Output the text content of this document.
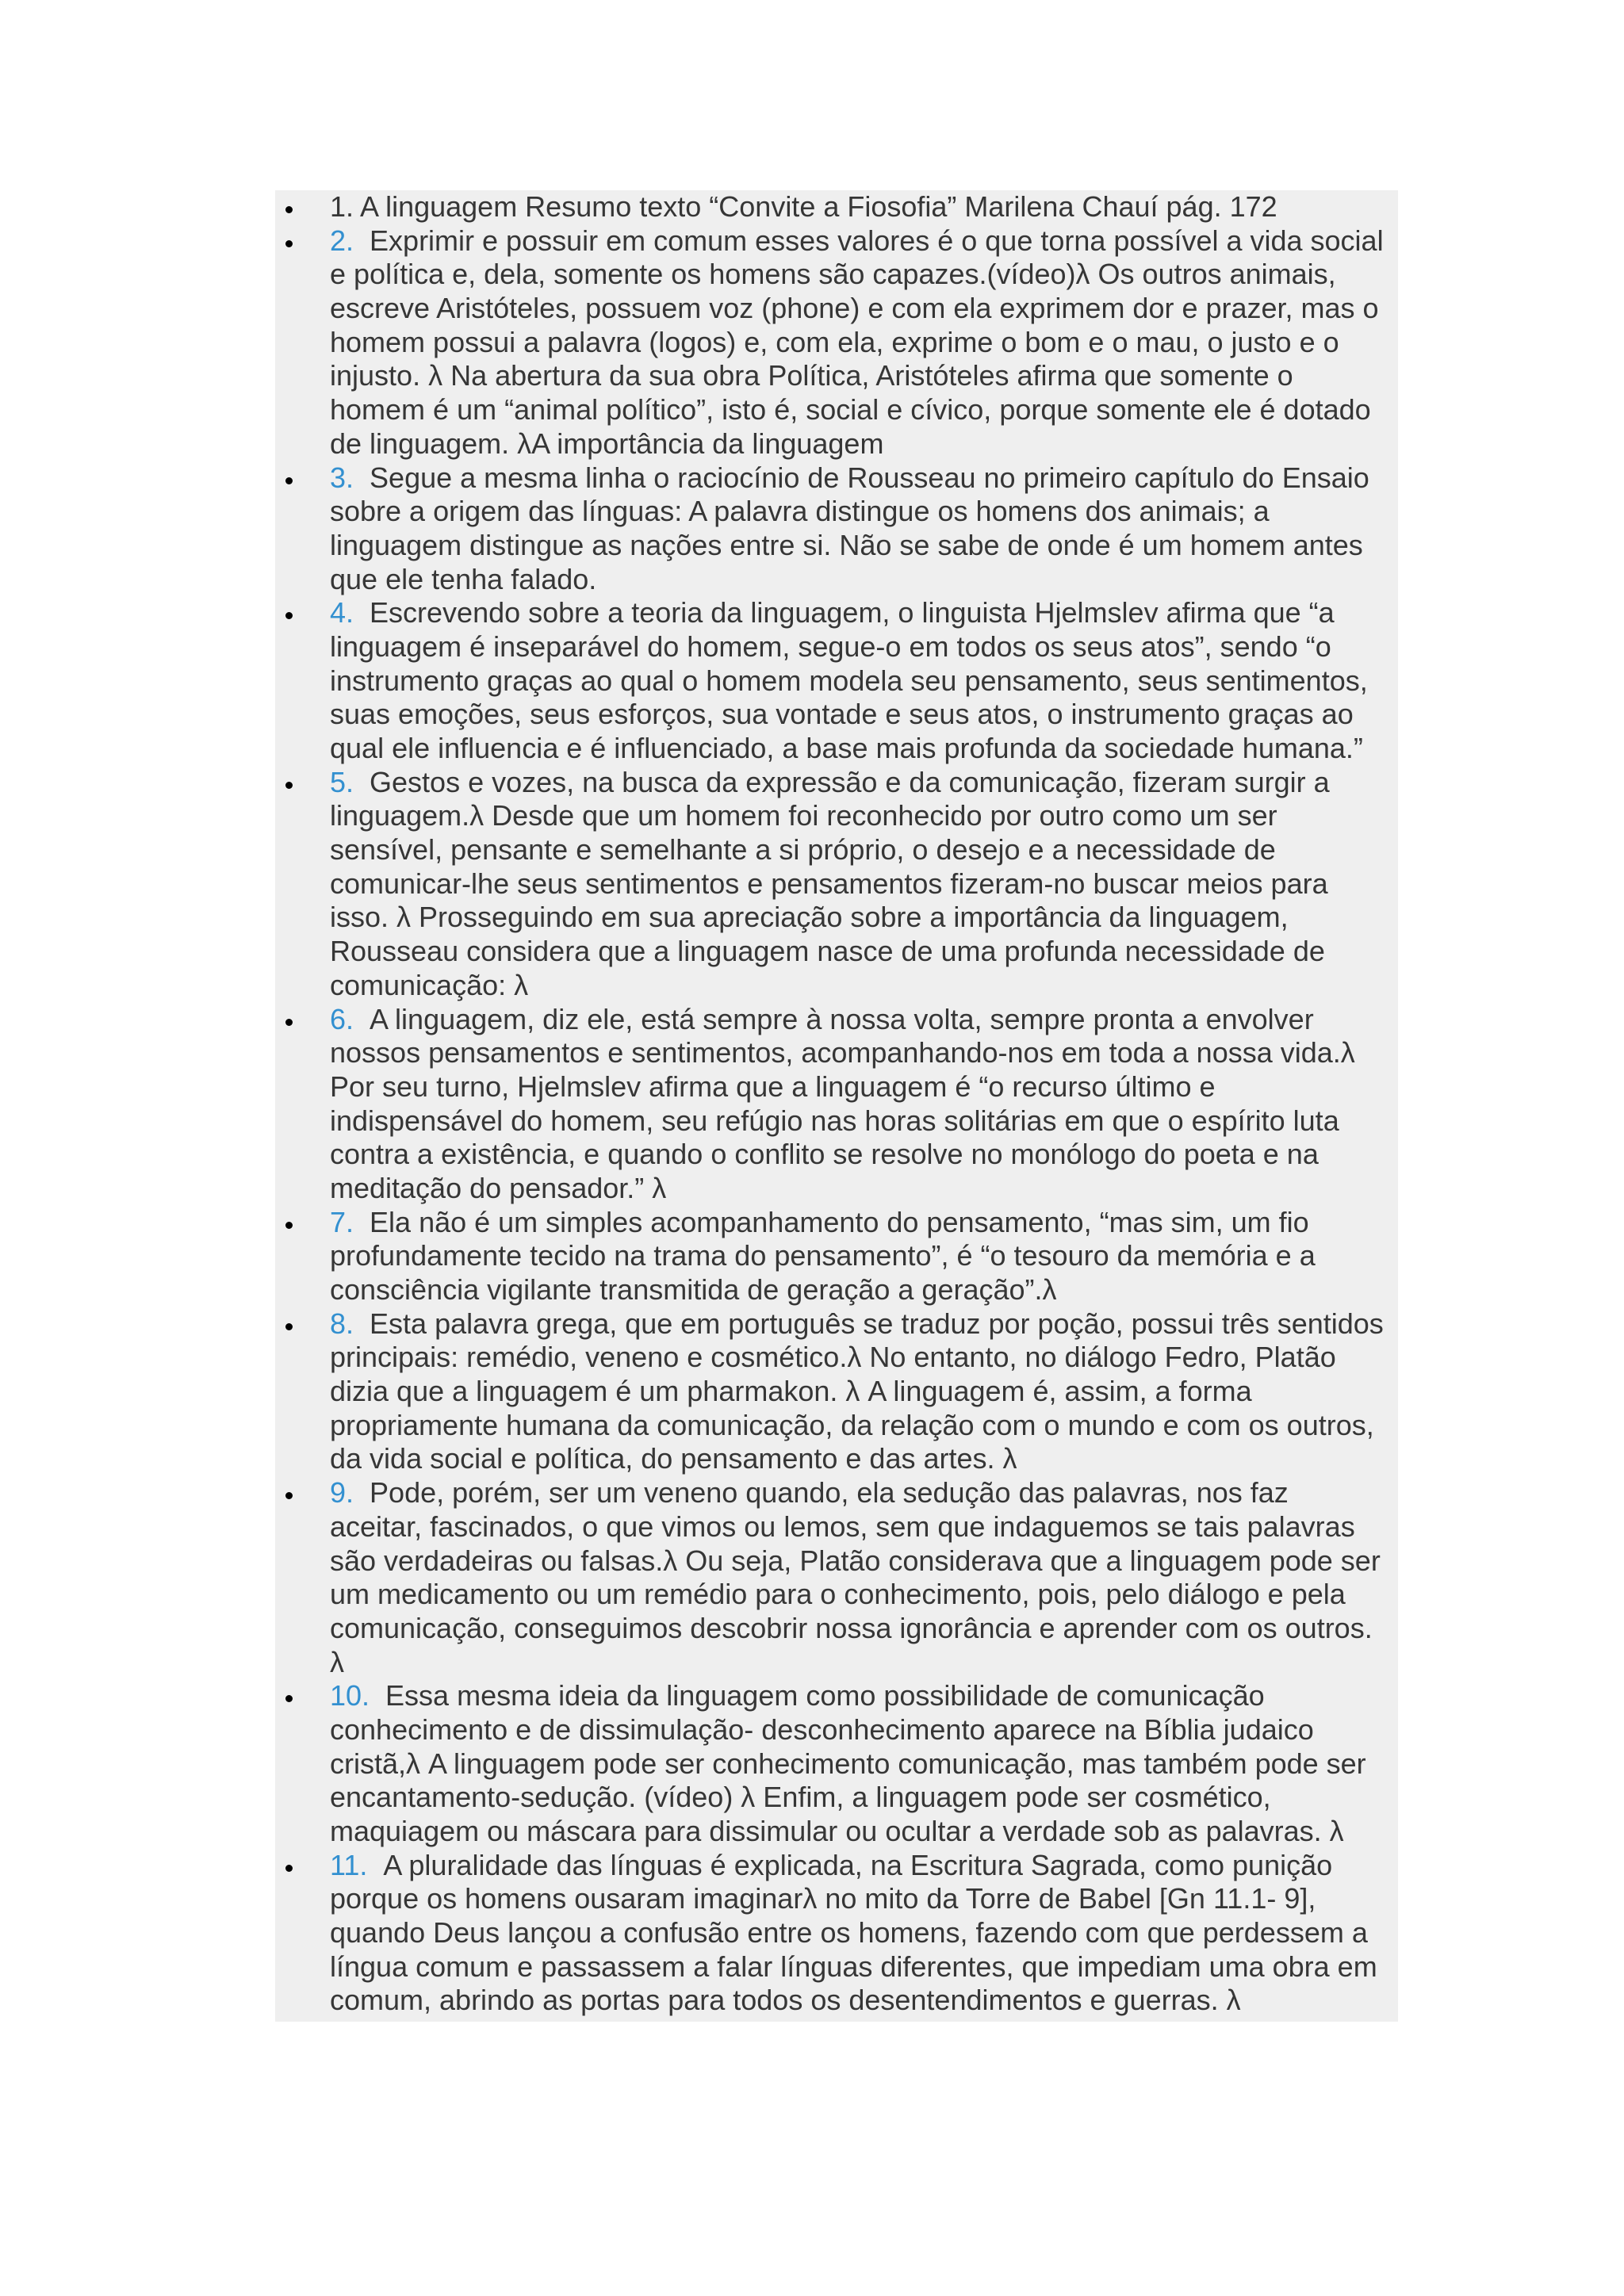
1. A linguagem Resumo texto “Convite a Fiosofia” Marilena Chauí pág. 172
2. Exprimir e possuir em comum esses valores é o que torna possível a vida social
e política e, dela, somente os homens são capazes.(vídeo)λ Os outros animais,
escreve Aristóteles, possuem voz (phone) e com ela exprimem dor e prazer, mas o
homem possui a palavra (logos) e, com ela, exprime o bom e o mau, o justo e o
injusto. λ Na abertura da sua obra Política, Aristóteles afirma que somente o
homem é um “animal político”, isto é, social e cívico, porque somente ele é dotado
de linguagem. λA importância da linguagem
3. Segue a mesma linha o raciocínio de Rousseau no primeiro capítulo do Ensaio
sobre a origem das línguas: A palavra distingue os homens dos animais; a
linguagem distingue as nações entre si. Não se sabe de onde é um homem antes
que ele tenha falado.
4. Escrevendo sobre a teoria da linguagem, o linguista Hjelmslev afirma que “a
linguagem é inseparável do homem, segue-o em todos os seus atos”, sendo “o
instrumento graças ao qual o homem modela seu pensamento, seus sentimentos,
suas emoções, seus esforços, sua vontade e seus atos, o instrumento graças ao
qual ele influencia e é influenciado, a base mais profunda da sociedade humana.”
5. Gestos e vozes, na busca da expressão e da comunicação, fizeram surgir a
linguagem.λ Desde que um homem foi reconhecido por outro como um ser
sensível, pensante e semelhante a si próprio, o desejo e a necessidade de
comunicar-lhe seus sentimentos e pensamentos fizeram-no buscar meios para
isso. λ Prosseguindo em sua apreciação sobre a importância da linguagem,
Rousseau considera que a linguagem nasce de uma profunda necessidade de
comunicação: λ
6. A linguagem, diz ele, está sempre à nossa volta, sempre pronta a envolver
nossos pensamentos e sentimentos, acompanhando-nos em toda a nossa vida.λ
Por seu turno, Hjelmslev afirma que a linguagem é “o recurso último e
indispensável do homem, seu refúgio nas horas solitárias em que o espírito luta
contra a existência, e quando o conflito se resolve no monólogo do poeta e na
meditação do pensador.” λ
7. Ela não é um simples acompanhamento do pensamento, “mas sim, um fio
profundamente tecido na trama do pensamento”, é “o tesouro da memória e a
consciência vigilante transmitida de geração a geração”.λ
8. Esta palavra grega, que em português se traduz por poção, possui três sentidos
principais: remédio, veneno e cosmético.λ No entanto, no diálogo Fedro, Platão
dizia que a linguagem é um pharmakon. λ A linguagem é, assim, a forma
propriamente humana da comunicação, da relação com o mundo e com os outros,
da vida social e política, do pensamento e das artes. λ
9. Pode, porém, ser um veneno quando, ela sedução das palavras, nos faz
aceitar, fascinados, o que vimos ou lemos, sem que indaguemos se tais palavras
são verdadeiras ou falsas.λ Ou seja, Platão considerava que a linguagem pode ser
um medicamento ou um remédio para o conhecimento, pois, pelo diálogo e pela
comunicação, conseguimos descobrir nossa ignorância e aprender com os outros.
λ
10. Essa mesma ideia da linguagem como possibilidade de comunicação
conhecimento e de dissimulação- desconhecimento aparece na Bíblia judaico
cristã,λ A linguagem pode ser conhecimento comunicação, mas também pode ser
encantamento-sedução. (vídeo) λ Enfim, a linguagem pode ser cosmético,
maquiagem ou máscara para dissimular ou ocultar a verdade sob as palavras. λ
11. A pluralidade das línguas é explicada, na Escritura Sagrada, como punição
porque os homens ousaram imaginarλ no mito da Torre de Babel [Gn 11.1- 9],
quando Deus lançou a confusão entre os homens, fazendo com que perdessem a
língua comum e passassem a falar línguas diferentes, que impediam uma obra em
comum, abrindo as portas para todos os desentendimentos e guerras. λ
